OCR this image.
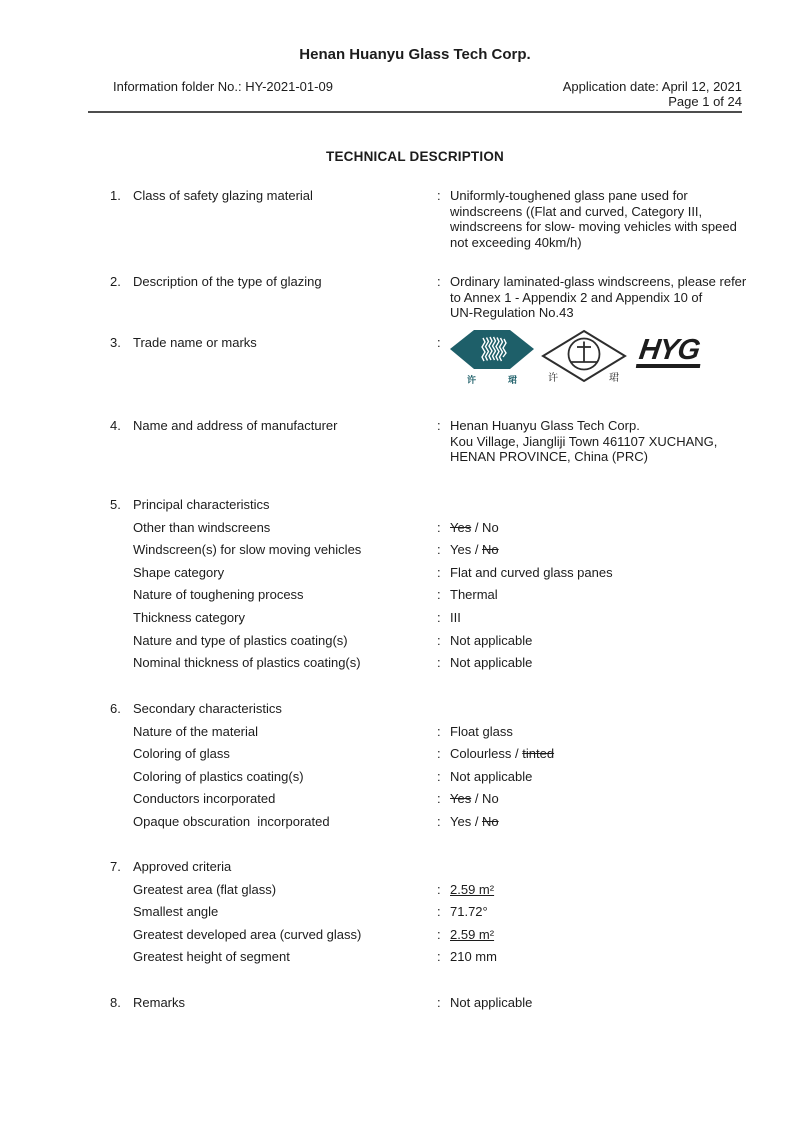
Henan Huanyu Glass Tech Corp.
Information folder No.: HY-2021-01-09	Application date: April 12, 2021
Page 1 of 24
TECHNICAL DESCRIPTION
1. Class of safety glazing material	: Uniformly-toughened glass pane used for
windscreens ((Flat and curved, Category III,
windscreens for slow- moving vehicles with speed
not exceeding 40km/h)
2. Description of the type of glazing	: Ordinary laminated-glass windscreens, please refer
to Annex 1 - Appendix 2 and Appendix 10 of
UN-Regulation No.43
3. Trade name or marks	:
许	珺	许	珺
HYG
4. Name and address of manufacturer	: Henan Huanyu Glass Tech Corp.
Kou Village, Jiangliji Town 461107 XUCHANG,
HENAN PROVINCE, China (PRC)
5. Principal characteristics
Other than windscreens	: Yes / No
Windscreen(s) for slow moving vehicles	: Yes / No
Shape category	: Flat and curved glass panes
Nature of toughening process	: Thermal
Thickness category	: III
Nature and type of plastics coating(s)	: Not applicable
Nominal thickness of plastics coating(s)	: Not applicable
6. Secondary characteristics
Nature of the material	: Float glass
Coloring of glass	: Colourless / tinted
Coloring of plastics coating(s)	: Not applicable
Conductors incorporated	: Yes / No
Opaque obscuration  incorporated	: Yes / No
7. Approved criteria
Greatest area (flat glass)	: 2.59 m²
Smallest angle	: 71.72°
Greatest developed area (curved glass)	: 2.59 m²
Greatest height of segment	: 210 mm
8. Remarks	: Not applicable
